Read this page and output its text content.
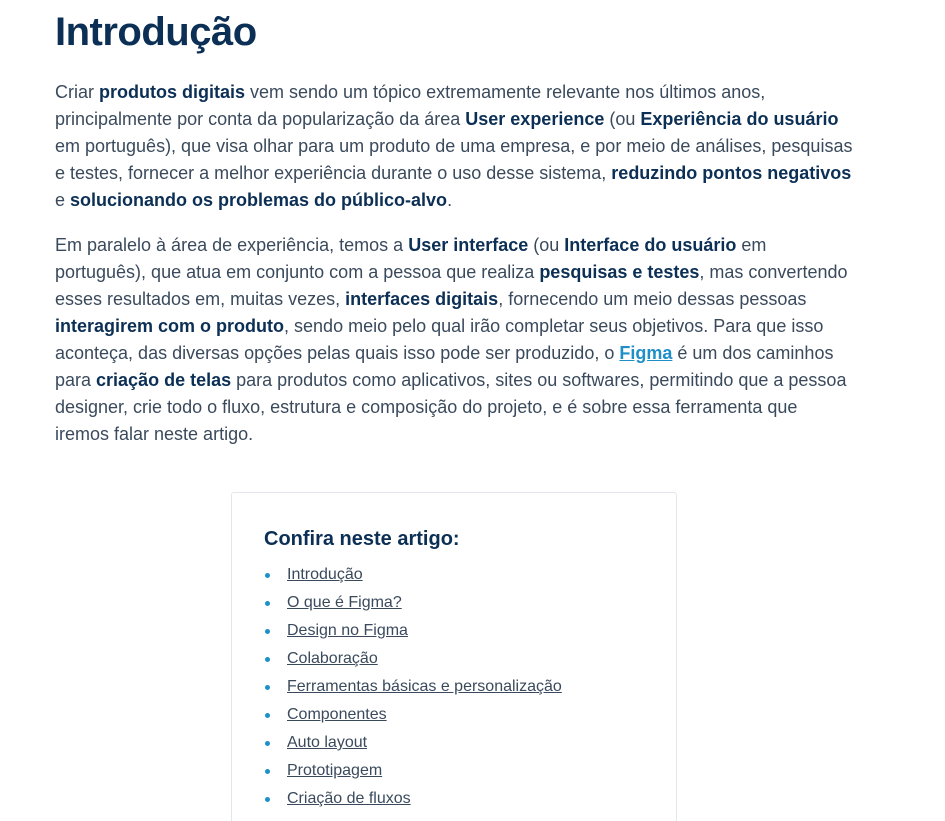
Introdução

Criar produtos digitais vem sendo um tópico extremamente relevante nos últimos anos, principalmente por conta da popularização da área User experience (ou Experiência do usuário em português), que visa olhar para um produto de uma empresa, e por meio de análises, pesquisas e testes, fornecer a melhor experiência durante o uso desse sistema, reduzindo pontos negativos e solucionando os problemas do público-alvo.

Em paralelo à área de experiência, temos a User interface (ou Interface do usuário em português), que atua em conjunto com a pessoa que realiza pesquisas e testes, mas convertendo esses resultados em, muitas vezes, interfaces digitais, fornecendo um meio dessas pessoas interagirem com o produto, sendo meio pelo qual irão completar seus objetivos. Para que isso aconteça, das diversas opções pelas quais isso pode ser produzido, o Figma é um dos caminhos para criação de telas para produtos como aplicativos, sites ou softwares, permitindo que a pessoa designer, crie todo o fluxo, estrutura e composição do projeto, e é sobre essa ferramenta que iremos falar neste artigo.

Confira neste artigo:
Introdução
O que é Figma?
Design no Figma
Colaboração
Ferramentas básicas e personalização
Componentes
Auto layout
Prototipagem
Criação de fluxos
